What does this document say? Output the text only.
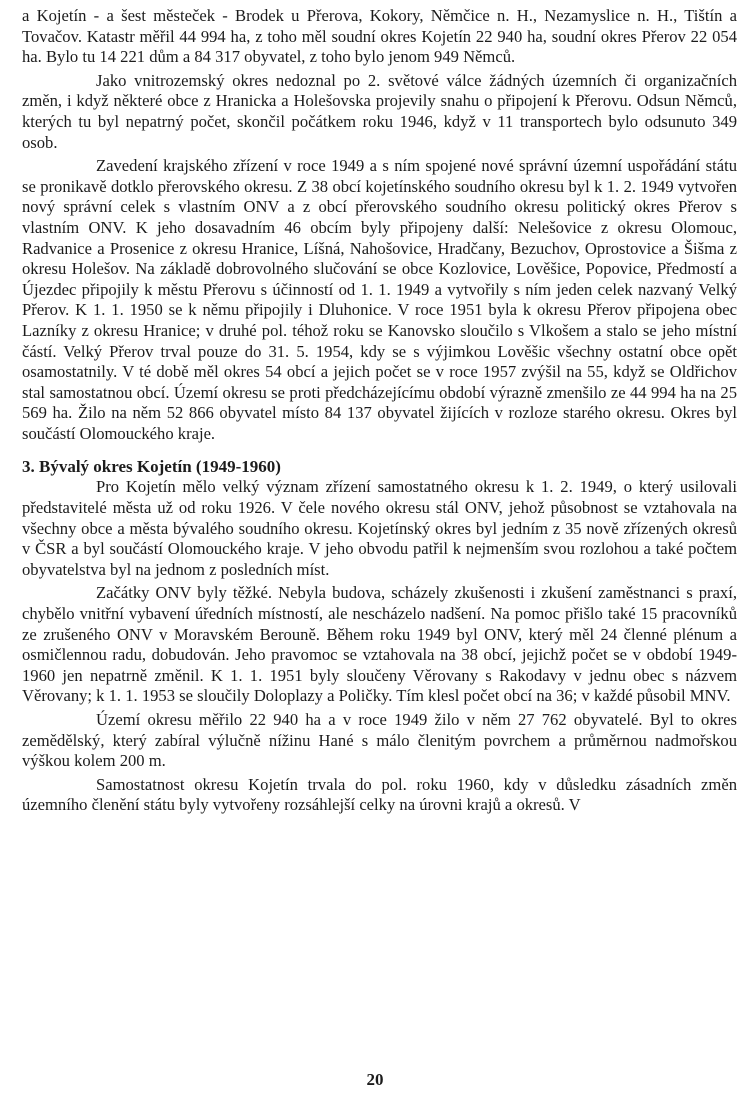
a Kojetín - a šest městeček - Brodek u Přerova, Kokory, Němčice n. H., Nezamyslice n. H., Tištín a Tovačov. Katastr měřil 44 994 ha, z toho měl soudní okres Kojetín 22 940 ha, soudní okres Přerov 22 054 ha. Bylo tu 14 221 dům a 84 317 obyvatel, z toho bylo jenom 949 Němců.

Jako vnitrozemský okres nedoznal po 2. světové válce žádných územních či organizačních změn, i když některé obce z Hranicka a Holešovska projevily snahu o připojení k Přerovu. Odsun Němců, kterých tu byl nepatrný počet, skončil počátkem roku 1946, když v 11 transportech bylo odsunuto 349 osob.

Zavedení krajského zřízení v roce 1949 a s ním spojené nové správní územní uspořádání státu se pronikavě dotklo přerovského okresu. Z 38 obcí kojetínského soudního okresu byl k 1. 2. 1949 vytvořen nový správní celek s vlastním ONV a z obcí přerovského soudního okresu politický okres Přerov s vlastním ONV. K jeho dosavadním 46 obcím byly připojeny další: Nelešovice z okresu Olomouc, Radvanice a Prosenice z okresu Hranice, Líšná, Nahošovice, Hradčany, Bezuchov, Oprostovice a Šišma z okresu Holešov. Na základě dobrovolného slučování se obce Kozlovice, Lověšice, Popovice, Předmostí a Újezdec připojily k městu Přerovu s účinností od 1. 1. 1949 a vytvořily s ním jeden celek nazvaný Velký Přerov. K 1. 1. 1950 se k němu připojily i Dluhonice. V roce 1951 byla k okresu Přerov připojena obec Lazníky z okresu Hranice; v druhé pol. téhož roku se Kanovsko sloučilo s Vlkošem a stalo se jeho místní částí. Velký Přerov trval pouze do 31. 5. 1954, kdy se s výjimkou Lověšic všechny ostatní obce opět osamostatnily. V té době měl okres 54 obcí a jejich počet se v roce 1957 zvýšil na 55, když se Oldřichov stal samostatnou obcí. Území okresu se proti předcházejícímu období výrazně zmenšilo ze 44 994 ha na 25 569 ha. Žilo na něm 52 866 obyvatel místo 84 137 obyvatel žijících v rozloze starého okresu. Okres byl součástí Olomouckého kraje.

3. Bývalý okres Kojetín (1949-1960)

Pro Kojetín mělo velký význam zřízení samostatného okresu k 1. 2. 1949, o který usilovali představitelé města už od roku 1926. V čele nového okresu stál ONV, jehož působnost se vztahovala na všechny obce a města bývalého soudního okresu. Kojetínský okres byl jedním z 35 nově zřízených okresů v ČSR a byl součástí Olomouckého kraje. V jeho obvodu patřil k nejmenším svou rozlohou a také počtem obyvatelstva byl na jednom z posledních míst.

Začátky ONV byly těžké. Nebyla budova, scházely zkušenosti i zkušení zaměstnanci s praxí, chybělo vnitřní vybavení úředních místností, ale nescházelo nadšení. Na pomoc přišlo také 15 pracovníků ze zrušeného ONV v Moravském Berouně. Během roku 1949 byl ONV, který měl 24 členné plénum a osmičlennou radu, dobudován. Jeho pravomoc se vztahovala na 38 obcí, jejichž počet se v období 1949-1960 jen nepatrně změnil. K 1. 1. 1951 byly sloučeny Věrovany s Rakodavy v jednu obec s názvem Věrovany; k 1. 1. 1953 se sloučily Doloplazy a Poličky. Tím klesl počet obcí na 36; v každé působil MNV.

Území okresu měřilo 22 940 ha a v roce 1949 žilo v něm 27 762 obyvatelé. Byl to okres zemědělský, který zabíral výlučně nížinu Hané s málo členitým povrchem a průměrnou nadmořskou výškou kolem 200 m.

Samostatnost okresu Kojetín trvala do pol. roku 1960, kdy v důsledku zásadních změn územního členění státu byly vytvořeny rozsáhlejší celky na úrovni krajů a okresů. V

20
